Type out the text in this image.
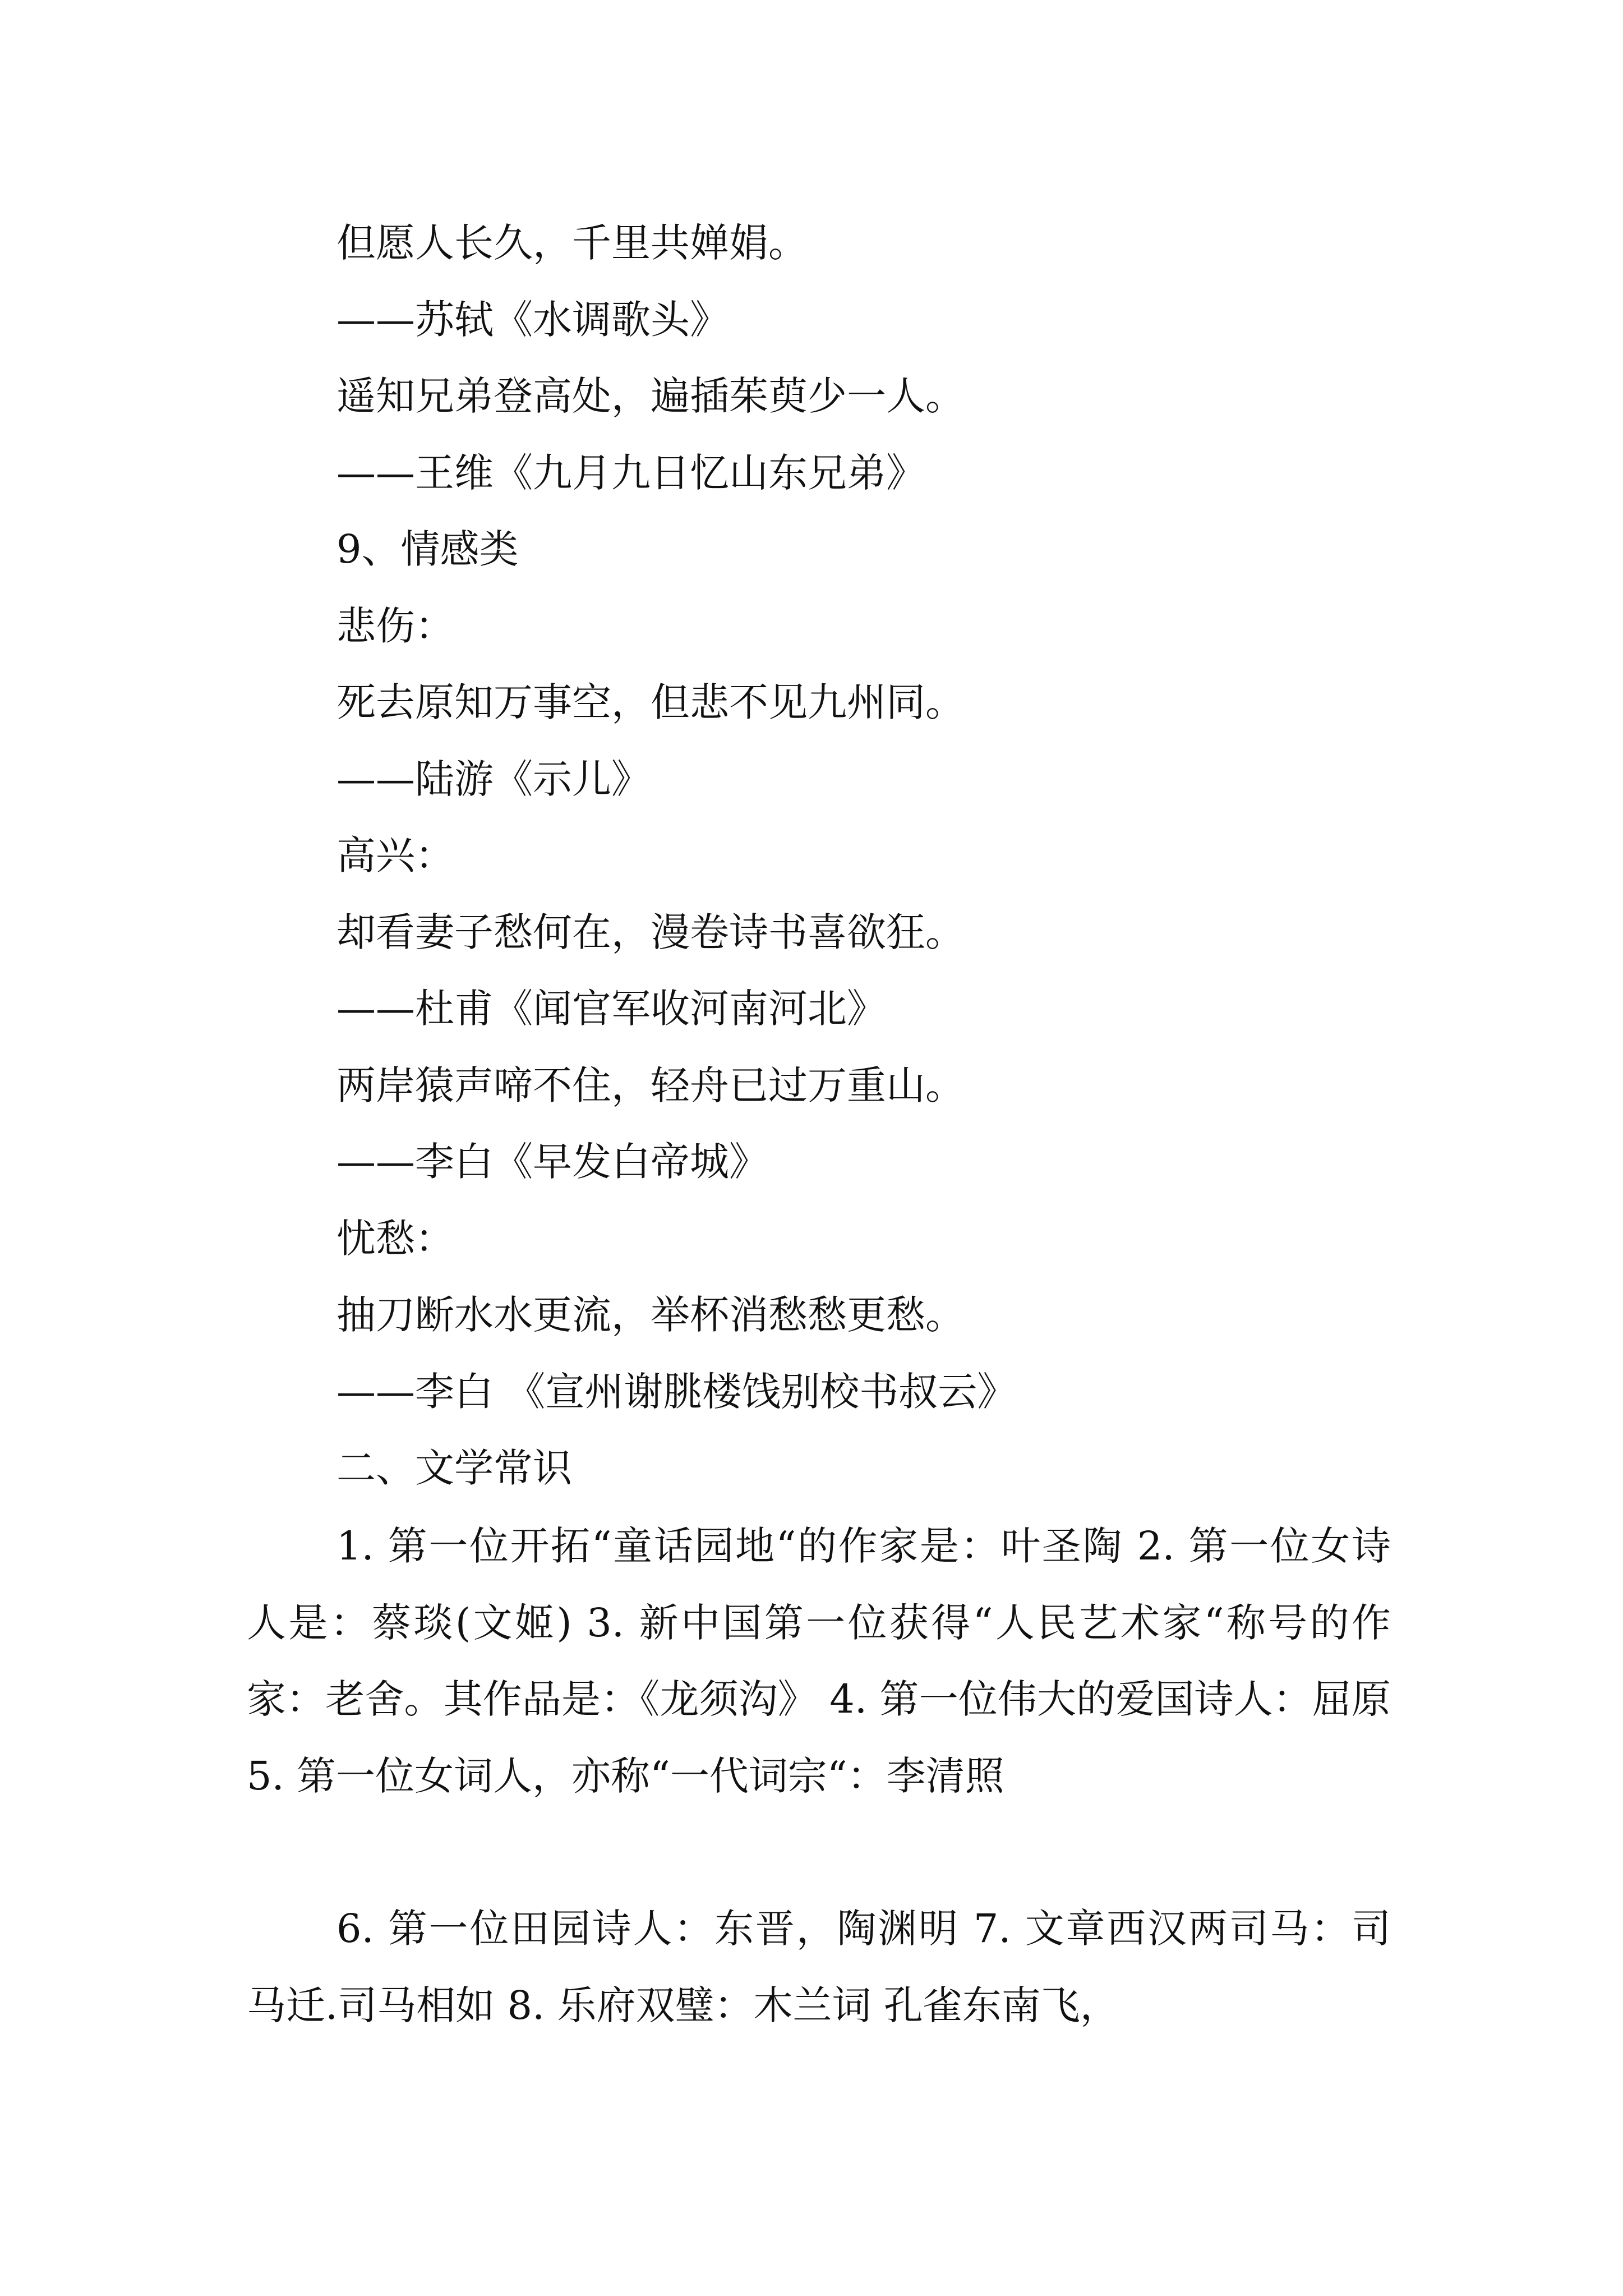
但愿人长久，千里共婵娟。
——苏轼《水调歌头》
遥知兄弟登高处，遍插茱萸少一人。
——王维《九月九日忆山东兄弟》
9、情感类
悲伤：
死去原知万事空，但悲不见九州同。
——陆游《示儿》
高兴：
却看妻子愁何在，漫卷诗书喜欲狂。
——杜甫《闻官军收河南河北》
两岸猿声啼不住，轻舟已过万重山。
——李白《早发白帝城》
忧愁：
抽刀断水水更流，举杯消愁愁更愁。
——李白 《宣州谢朓楼饯别校书叔云》
二、文学常识
1. 第一位开拓“童话园地“的作家是：叶圣陶 2. 第一位女诗人是：蔡琰(文姬) 3. 新中国第一位获得“人民艺术家“称号的作家：老舍。其作品是：《龙须沟》 4. 第一位伟大的爱国诗人：屈原 5. 第一位女词人，亦称“一代词宗“：李清照
6. 第一位田园诗人：东晋，陶渊明 7. 文章西汉两司马：司马迁.司马相如 8. 乐府双璧：木兰词 孔雀东南飞，
